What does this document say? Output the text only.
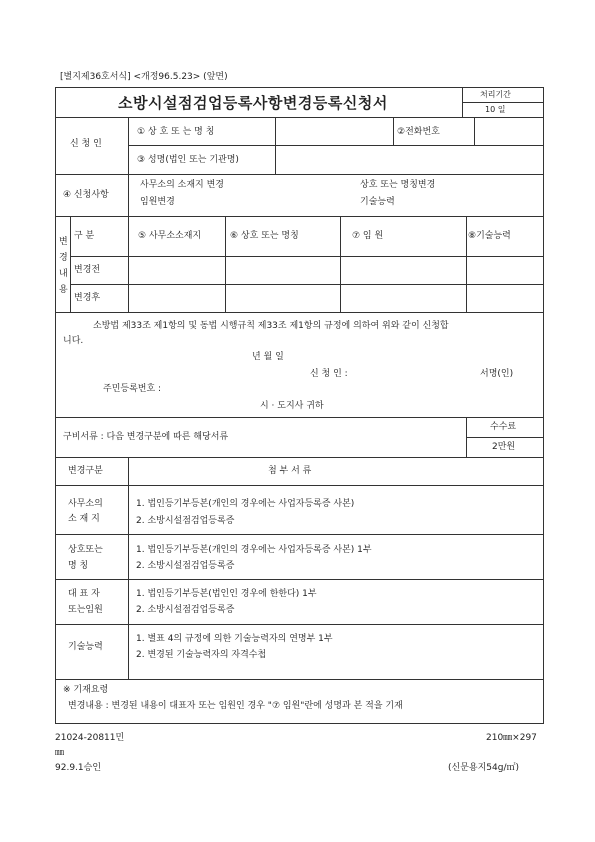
[별지제36호서식] <개정96.5.23> (앞면)
소방시설점검업등록사항변경등록신청서	처리기간
10 일
신 청 인
① 상 호 또 는 명 칭	②전화번호
③ 성명(법인 또는 기관명)
④ 신청사항
사무소의 소재지 변경	상호 또는 명칭변경
임원변경	기술능력
변
경
내
용
구 분	⑤ 사무소소재지	⑥ 상호 또는 명칭	⑦ 임 원	⑧기술능력
변경전
변경후
소방법 제33조 제1항의 및 동법 시행규칙 제33조 제1항의 규정에 의하여 위와 같이 신청합
니다.
년 월 일
신 청 인 :	서명(인)
주민등록번호 :
시 · 도지사 귀하
구비서류 : 다음 변경구분에 따른 해당서류
수수료
2만원
변경구분	첨 부 서 류
사무소의
소 재 지
1. 법인등기부등본(개인의 경우에는 사업자등록증 사본)
2. 소방시설점검업등록증
상호또는
명 칭
1. 법인등기부등본(개인의 경우에는 사업자등록증 사본) 1부
2. 소방시설점검업등록증
대 표 자
또는임원
1. 법인등기부등본(법인인 경우에 한한다) 1부
2. 소방시설점검업등록증
기술능력
1. 별표 4의 규정에 의한 기술능력자의 연명부 1부
2. 변경된 기술능력자의 자격수첩
※ 기재요령
변경내용 : 변경된 내용이 대표자 또는 임원인 경우 "⑦ 임원"란에 성명과 본 적을 기재
21024-20811민
㎜
92.9.1승인
210㎜×297
(신문용지54g/㎡)
